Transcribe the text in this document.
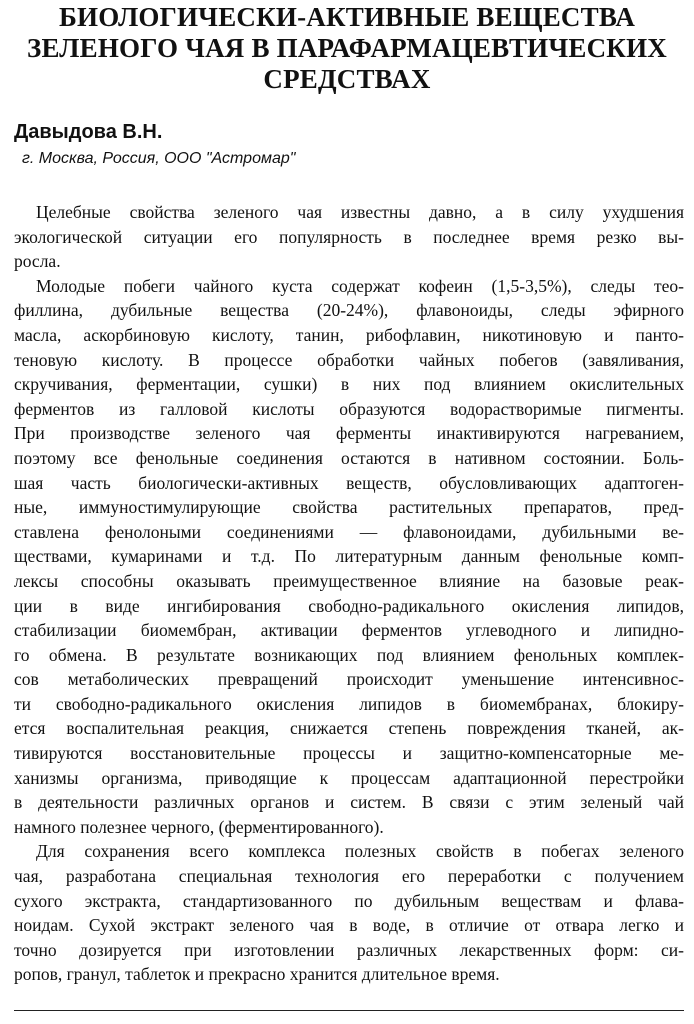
БИОЛОГИЧЕСКИ-АКТИВНЫЕ ВЕЩЕСТВА
ЗЕЛЕНОГО ЧАЯ В ПАРАФАРМАЦЕВТИЧЕСКИХ
СРЕДСТВАХ

Давыдова В.Н.

г. Москва, Россия, ООО "Астромар"

Целебные свойства зеленого чая известны давно, а в силу ухудшения
экологической ситуации его популярность в последнее время резко вы-
росла.
Молодые побеги чайного куста содержат кофеин (1,5-3,5%), следы тео-
филлина, дубильные вещества (20-24%), флавоноиды, следы эфирного
масла, аскорбиновую кислоту, танин, рибофлавин, никотиновую и панто-
теновую кислоту. В процессе обработки чайных побегов (завяливания,
скручивания, ферментации, сушки) в них под влиянием окислительных
ферментов из галловой кислоты образуются водорастворимые пигменты.
При производстве зеленого чая ферменты инактивируются нагреванием,
поэтому все фенольные соединения остаются в нативном состоянии. Боль-
шая часть биологически-активных веществ, обусловливающих адаптоген-
ные, иммуностимулирующие свойства растительных препаратов, пред-
ставлена фенолоными соединениями — флавоноидами, дубильными ве-
ществами, кумаринами и т.д. По литературным данным фенольные комп-
лексы способны оказывать преимущественное влияние на базовые реак-
ции в виде ингибирования свободно-радикального окисления липидов,
стабилизации биомембран, активации ферментов углеводного и липидно-
го обмена. В результате возникающих под влиянием фенольных комплек-
сов метаболических превращений происходит уменьшение интенсивнос-
ти свободно-радикального окисления липидов в биомембранах, блокиру-
ется воспалительная реакция, снижается степень повреждения тканей, ак-
тивируются восстановительные процессы и защитно-компенсаторные ме-
ханизмы организма, приводящие к процессам адаптационной перестройки
в деятельности различных органов и систем. В связи с этим зеленый чай
намного полезнее черного, (ферментированного).
Для сохранения всего комплекса полезных свойств в побегах зеленого
чая, разработана специальная технология его переработки с получением
сухого экстракта, стандартизованного по дубильным веществам и флава-
ноидам. Сухой экстракт зеленого чая в воде, в отличие от отвара легко и
точно дозируется при изготовлении различных лекарственных форм: си-
ропов, гранул, таблеток и прекрасно хранится длительное время.
